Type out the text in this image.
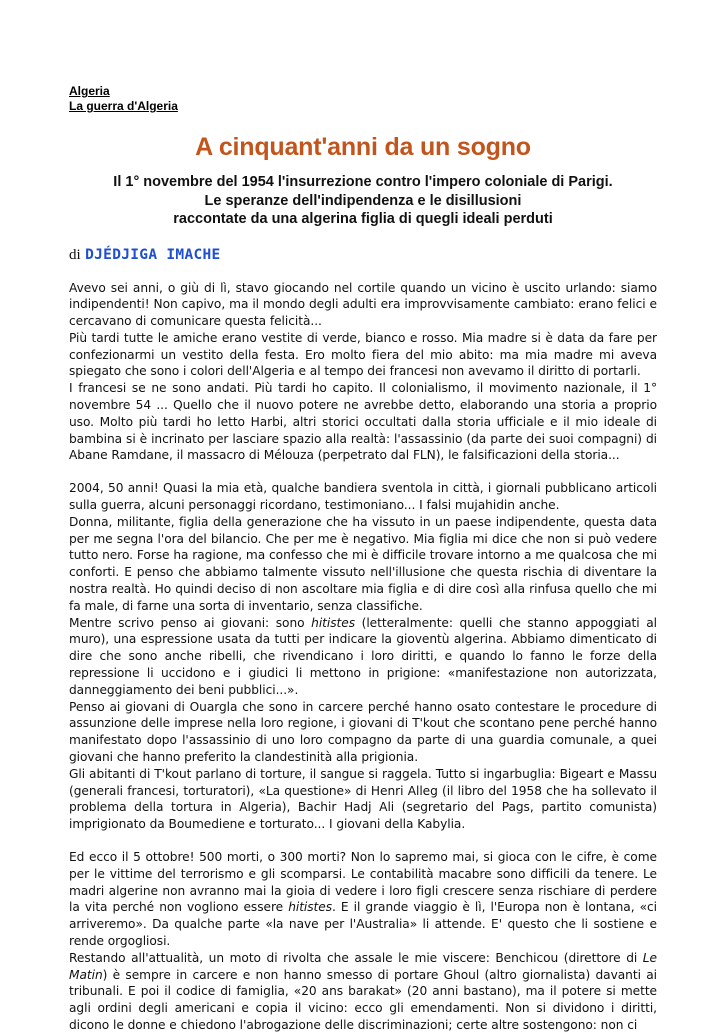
Algeria
La guerra d'Algeria
A cinquant'anni da un sogno
Il 1° novembre del 1954 l'insurrezione contro l'impero coloniale di Parigi.
Le speranze dell'indipendenza e le disillusioni
raccontate da una algerina figlia di quegli ideali perduti
di DJÉDJIGA IMACHE

Avevo sei anni, o giù di lì, stavo giocando nel cortile quando un vicino è uscito urlando: siamo indipendenti! Non capivo, ma il mondo degli adulti era improvvisamente cambiato: erano felici e cercavano di comunicare questa felicità...

Più tardi tutte le amiche erano vestite di verde, bianco e rosso. Mia madre si è data da fare per confezionarmi un vestito della festa. Ero molto fiera del mio abito: ma mia madre mi aveva spiegato che sono i colori dell'Algeria e al tempo dei francesi non avevamo il diritto di portarli.

I francesi se ne sono andati. Più tardi ho capito. Il colonialismo, il movimento nazionale, il 1° novembre 54 ... Quello che il nuovo potere ne avrebbe detto, elaborando una storia a proprio uso. Molto più tardi ho letto Harbi, altri storici occultati dalla storia ufficiale e il mio ideale di bambina si è incrinato per lasciare spazio alla realtà: l'assassinio (da parte dei suoi compagni) di Abane Ramdane, il massacro di Mélouza (perpetrato dal FLN), le falsificazioni della storia...

2004, 50 anni! Quasi la mia età, qualche bandiera sventola in città, i giornali pubblicano articoli sulla guerra, alcuni personaggi ricordano, testimoniano... I falsi mujahidin anche.

Donna, militante, figlia della generazione che ha vissuto in un paese indipendente, questa data per me segna l'ora del bilancio. Che per me è negativo. Mia figlia mi dice che non si può vedere tutto nero. Forse ha ragione, ma confesso che mi è difficile trovare intorno a me qualcosa che mi conforti. E penso che abbiamo talmente vissuto nell'illusione che questa rischia di diventare la nostra realtà. Ho quindi deciso di non ascoltare mia figlia e di dire così alla rinfusa quello che mi fa male, di farne una sorta di inventario, senza classifiche.

Mentre scrivo penso ai giovani: sono hitistes (letteralmente: quelli che stanno appoggiati al muro), una espressione usata da tutti per indicare la gioventù algerina. Abbiamo dimenticato di dire che sono anche ribelli, che rivendicano i loro diritti, e quando lo fanno le forze della repressione li uccidono e i giudici li mettono in prigione: «manifestazione non autorizzata, danneggiamento dei beni pubblici...».

Penso ai giovani di Ouargla che sono in carcere perché hanno osato contestare le procedure di assunzione delle imprese nella loro regione, i giovani di T'kout che scontano pene perché hanno manifestato dopo l'assassinio di uno loro compagno da parte di una guardia comunale, a quei giovani che hanno preferito la clandestinità alla prigionia.

Gli abitanti di T'kout parlano di torture, il sangue si raggela. Tutto si ingarbuglia: Bigeart e Massu (generali francesi, torturatori), «La questione» di Henri Alleg (il libro del 1958 che ha sollevato il problema della tortura in Algeria), Bachir Hadj Ali (segretario del Pags, partito comunista) imprigionato da Boumediene e torturato... I giovani della Kabylia.

Ed ecco il 5 ottobre! 500 morti, o 300 morti? Non lo sapremo mai, si gioca con le cifre, è come per le vittime del terrorismo e gli scomparsi. Le contabilità macabre sono difficili da tenere. Le madri algerine non avranno mai la gioia di vedere i loro figli crescere senza rischiare di perdere la vita perché non vogliono essere hitistes. E il grande viaggio è lì, l'Europa non è lontana, «ci arriveremo». Da qualche parte «la nave per l'Australia» li attende. E' questo che li sostiene e rende orgogliosi.

Restando all'attualità, un moto di rivolta che assale le mie viscere: Benchicou (direttore di Le Matin) è sempre in carcere e non hanno smesso di portare Ghoul (altro giornalista) davanti ai tribunali. E poi il codice di famiglia, «20 ans barakat» (20 anni bastano), ma il potere si mette agli ordini degli americani e copia il vicino: ecco gli emendamenti. Non si dividono i diritti, dicono le donne e chiedono l'abrogazione delle discriminazioni; certe altre sostengono: non ci
